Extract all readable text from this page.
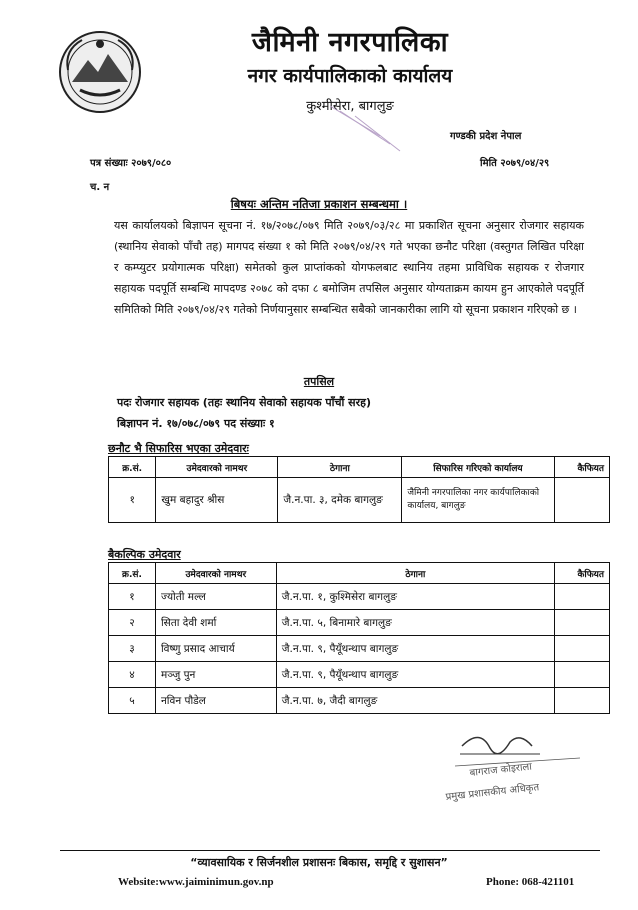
जैमिनी नगरपालिका
नगर कार्यपालिकाको कार्यालय
कुश्मीसेरा, बागलुङ
गण्डकी प्रदेश नेपाल
पत्र संख्याः २०७९/०८०	मिति २०७९/०४/२९
च. न
बिषयः अन्तिम नतिजा प्रकाशन सम्बन्धमा ।
यस कार्यालयको बिज्ञापन सूचना नं. १७/२०७८/०७९ मिति २०७९/०३/२८ मा प्रकाशित सूचना अनुसार रोजगार सहायक (स्थानिय सेवाको पाँचौ तह) मागपद संख्या १ को मिति २०७९/०४/२९ गते भएका छनौट परिक्षा (वस्तुगत लिखित परिक्षा र कम्प्युटर प्रयोगात्मक परिक्षा) समेतको कुल प्राप्तांकको योगफलबाट स्थानिय तहमा प्राविधिक सहायक र रोजगार सहायक पदपूर्ति सम्बन्धि मापदण्ड २०७८ को दफा ८ बमोजिम तपसिल अनुसार योग्यताक्रम कायम हुन आएकोले पदपूर्ति समितिको मिति २०७९/०४/२९ गतेको निर्णयानुसार सम्बन्धित सबैको जानकारीका लागि यो सूचना प्रकाशन गरिएको छ ।
तपसिल
पदः रोजगार सहायक (तहः स्थानिय सेवाको सहायक पाँचौं सरह)
बिज्ञापन नं. १७/०७८/०७९ पद संख्याः १
छनौट भै सिफारिस भएका उमेदवारः
क्र.सं.	उमेदवारको नामथर	ठेगाना	सिफारिस गरिएको कार्यालय	कैफियत
१	खुम बहादुर श्रीस	जै.न.पा. ३, दमेक बागलुङ	जैमिनी नगरपालिका नगर कार्यपालिकाको कार्यालय, बागलुङ	
बैकल्पिक उमेदवार
क्र.सं.	उमेदवारको नामथर	ठेगाना	कैफियत
१	ज्योती मल्ल	जै.न.पा. १, कुश्मिसेरा बागलुङ	
२	सिता देवी शर्मा	जै.न.पा. ५, बिनामारे बागलुङ	
३	विष्णु प्रसाद आचार्य	जै.न.पा. ९, पैयूँथन्थाप बागलुङ	
४	मञ्जु पुन	जै.न.पा. ९, पैयूँथन्थाप बागलुङ	
५	नविन पौडेल	जै.न.पा. ७, जैदी बागलुङ	
बागराज कोइराला
प्रमुख प्रशासकीय अधिकृत
“व्यावसायिक र सिर्जनशील प्रशासनः बिकास, समृद्दि र सुशासन”
Website:www.jaiminimun.gov.np	Phone: 068-421101
